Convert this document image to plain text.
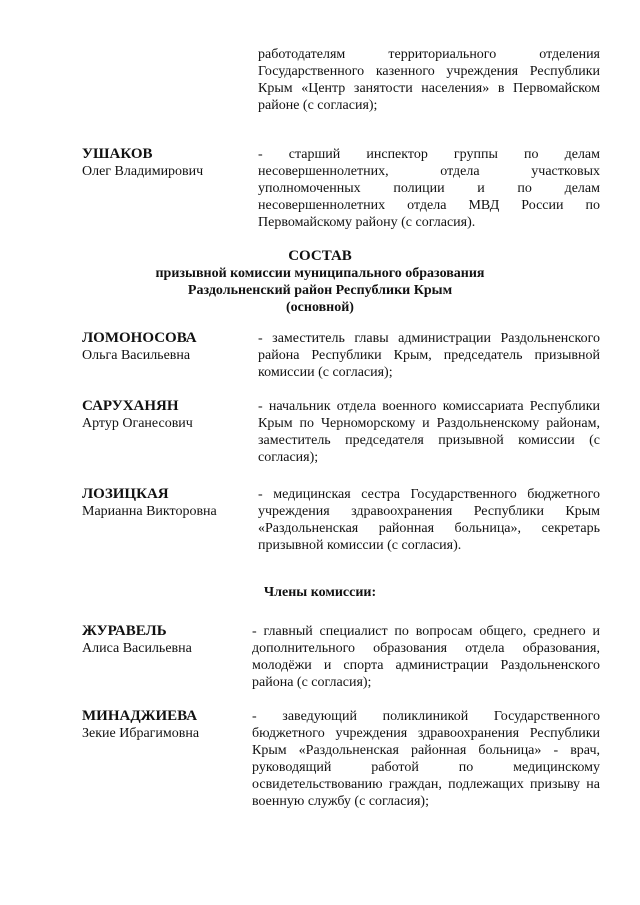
работодателям территориального отделения Государственного казенного учреждения Республики Крым «Центр занятости населения» в Первомайском районе (с согласия);

УШАКОВ
Олег Владимирович

- старший инспектор группы по делам несовершеннолетних, отдела участковых уполномоченных полиции и по делам несовершеннолетних отдела МВД России по Первомайскому району (с согласия).

СОСТАВ
призывной комиссии муниципального образования
Раздольненский район Республики Крым
(основной)
ЛОМОНОСОВА
Ольга Васильевна

- заместитель главы администрации Раздольненского района Республики Крым, председатель призывной комиссии (с согласия);

САРУХАНЯН
Артур Оганесович

- начальник отдела военного комиссариата Республики Крым по Черноморскому и Раздольненскому районам, заместитель председателя призывной комиссии (с согласия);

ЛОЗИЦКАЯ
Марианна Викторовна

- медицинская сестра Государственного бюджетного учреждения здравоохранения Республики Крым «Раздольненская районная больница», секретарь призывной комиссии (с согласия).

Члены комиссии:
ЖУРАВЕЛЬ
Алиса Васильевна

- главный специалист по вопросам общего, среднего и дополнительного образования отдела образования, молодёжи и спорта администрации Раздольненского района (с согласия);

МИНАДЖИЕВА
Зекие Ибрагимовна

- заведующий поликлиникой Государственного бюджетного учреждения здравоохранения Республики Крым «Раздольненская районная больница» - врач, руководящий работой по медицинскому освидетельствованию граждан, подлежащих призыву на военную службу (с согласия);
